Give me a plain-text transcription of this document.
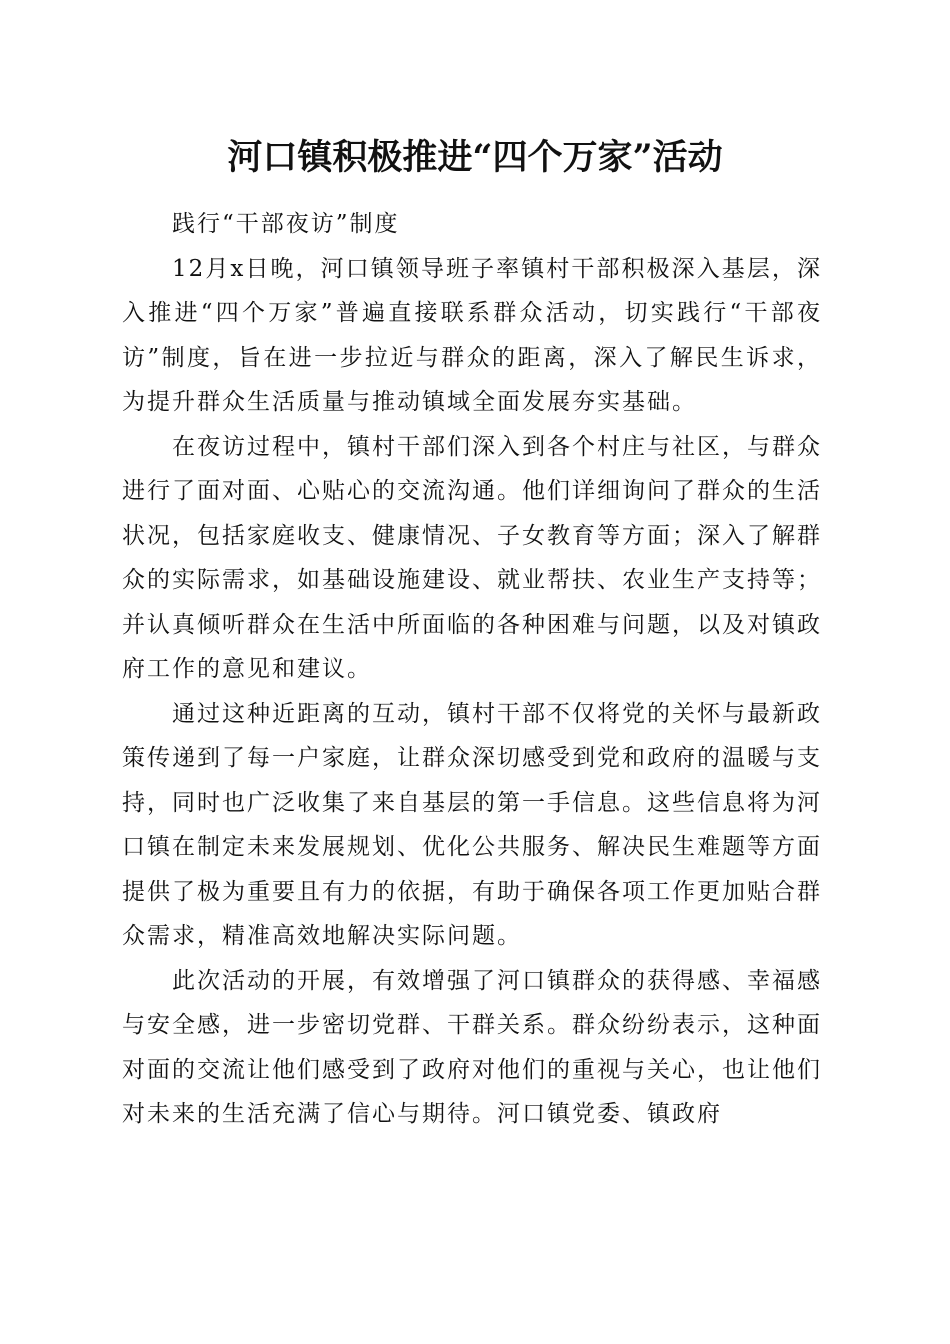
河口镇积极推进“四个万家”活动

践行“干部夜访”制度

12月x日晚，河口镇领导班子率镇村干部积极深入基层，深入推进“四个万家”普遍直接联系群众活动，切实践行“干部夜访”制度，旨在进一步拉近与群众的距离，深入了解民生诉求，为提升群众生活质量与推动镇域全面发展夯实基础。

在夜访过程中，镇村干部们深入到各个村庄与社区，与群众进行了面对面、心贴心的交流沟通。他们详细询问了群众的生活状况，包括家庭收支、健康情况、子女教育等方面；深入了解群众的实际需求，如基础设施建设、就业帮扶、农业生产支持等；并认真倾听群众在生活中所面临的各种困难与问题，以及对镇政府工作的意见和建议。

通过这种近距离的互动，镇村干部不仅将党的关怀与最新政策传递到了每一户家庭，让群众深切感受到党和政府的温暖与支持，同时也广泛收集了来自基层的第一手信息。这些信息将为河口镇在制定未来发展规划、优化公共服务、解决民生难题等方面提供了极为重要且有力的依据，有助于确保各项工作更加贴合群众需求，精准高效地解决实际问题。

此次活动的开展，有效增强了河口镇群众的获得感、幸福感与安全感，进一步密切党群、干群关系。群众纷纷表示，这种面对面的交流让他们感受到了政府对他们的重视与关心，也让他们对未来的生活充满了信心与期待。河口镇党委、镇政府
